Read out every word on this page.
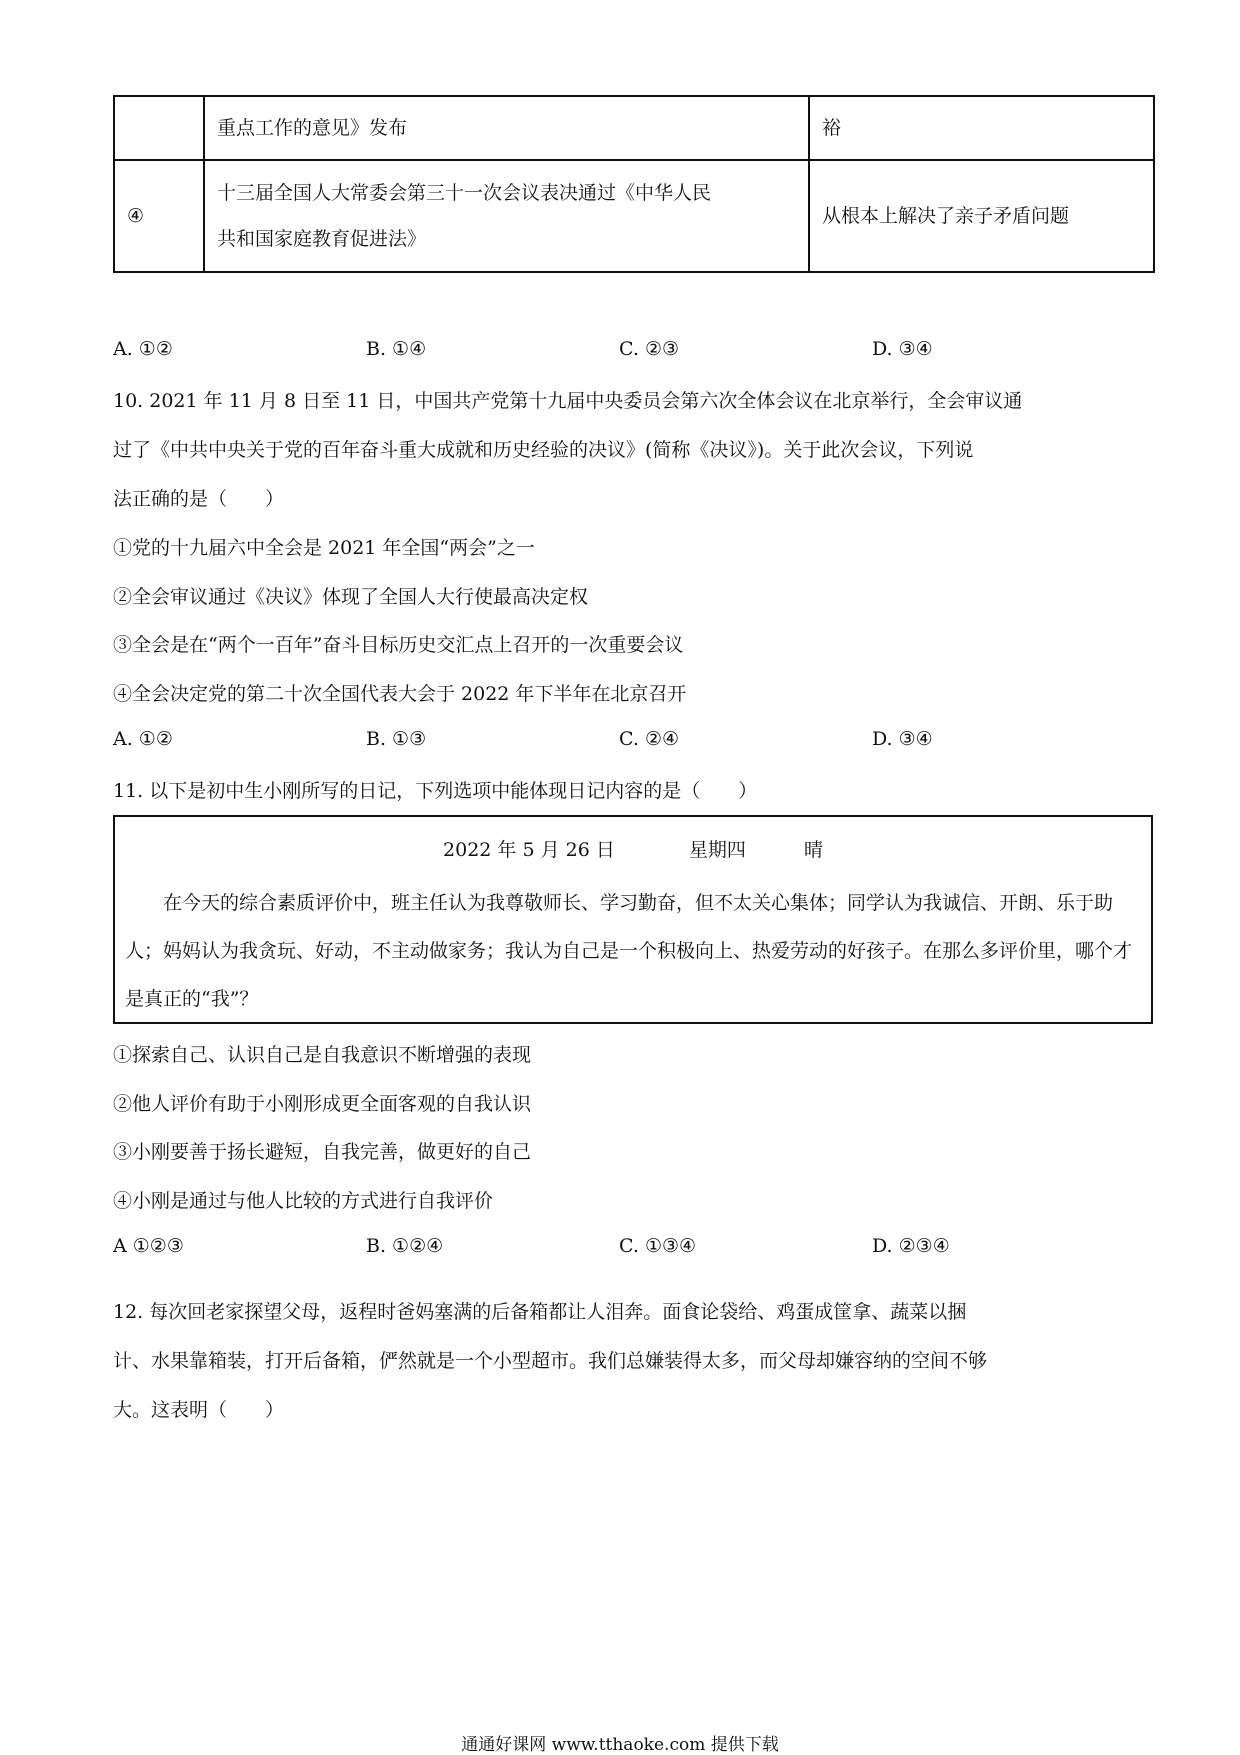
	重点工作的意见》发布	裕
④	十三届全国人大常委会第三十一次会议表决通过《中华人民
共和国家庭教育促进法》	从根本上解决了亲子矛盾问题
A. ①②	B. ①④	C. ②③	D. ③④
10. 2021 年 11 月 8 日至 11 日，中国共产党第十九届中央委员会第六次全体会议在北京举行，全会审议通
过了《中共中央关于党的百年奋斗重大成就和历史经验的决议》(简称《决议》)。关于此次会议，下列说
法正确的是（　　）
①党的十九届六中全会是 2021 年全国“两会”之一
②全会审议通过《决议》体现了全国人大行使最高决定权
③全会是在“两个一百年”奋斗目标历史交汇点上召开的一次重要会议
④全会决定党的第二十次全国代表大会于 2022 年下半年在北京召开
A. ①②	B. ①③	C. ②④	D. ③④
11. 以下是初中生小刚所写的日记，下列选项中能体现日记内容的是（　　）
2022 年 5 月 26 日	星期四	晴
在今天的综合素质评价中，班主任认为我尊敬师长、学习勤奋，但不太关心集体；同学认为我诚信、开朗、乐于助人；妈妈认为我贪玩、好动，不主动做家务；我认为自己是一个积极向上、热爱劳动的好孩子。在那么多评价里，哪个才是真正的“我”？
①探索自己、认识自己是自我意识不断增强的表现
②他人评价有助于小刚形成更全面客观的自我认识
③小刚要善于扬长避短，自我完善，做更好的自己
④小刚是通过与他人比较的方式进行自我评价
A ①②③	B. ①②④	C. ①③④	D. ②③④
12. 每次回老家探望父母，返程时爸妈塞满的后备箱都让人泪奔。面食论袋给、鸡蛋成筐拿、蔬菜以捆
计、水果靠箱装，打开后备箱，俨然就是一个小型超市。我们总嫌装得太多，而父母却嫌容纳的空间不够
大。这表明（　　）
通通好课网 www.tthaoke.com 提供下载
